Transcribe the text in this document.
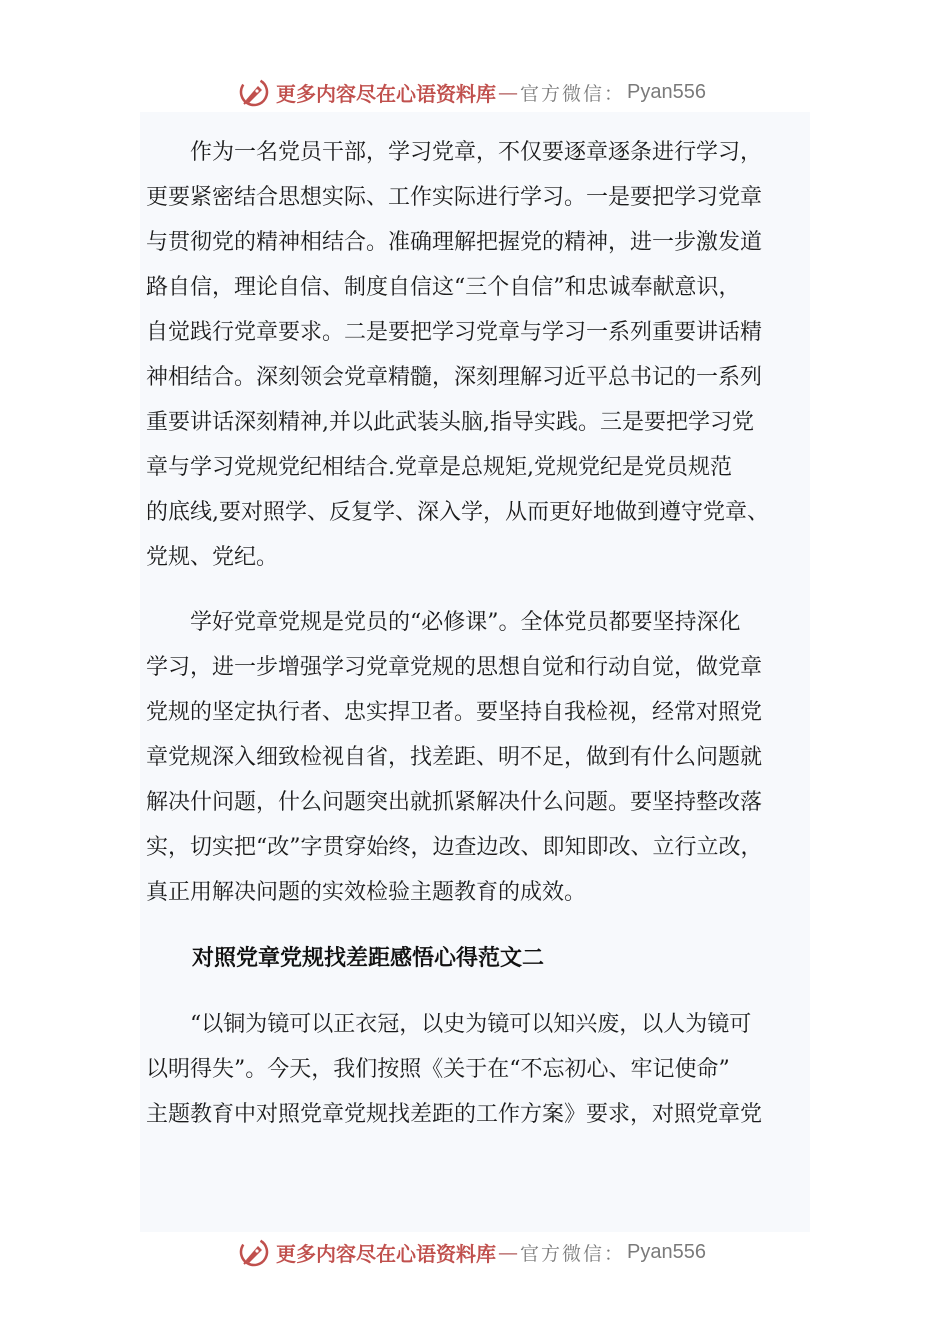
更多内容尽在心语资料库 — 官方微信： Pyan556
　　作为一名党员干部，学习党章，不仅要逐章逐条进行学习，
更要紧密结合思想实际、工作实际进行学习。一是要把学习党章
与贯彻党的精神相结合。准确理解把握党的精神，进一步激发道
路自信，理论自信、制度自信这“三个自信”和忠诚奉献意识，
自觉践行党章要求。二是要把学习党章与学习一系列重要讲话精
神相结合。深刻领会党章精髓，深刻理解习近平总书记的一系列
重要讲话深刻精神,并以此武装头脑,指导实践。三是要把学习党
章与学习党规党纪相结合.党章是总规矩,党规党纪是党员规范
的底线,要对照学、反复学、深入学，从而更好地做到遵守党章、
党规、党纪。
　　学好党章党规是党员的“必修课”。全体党员都要坚持深化
学习，进一步增强学习党章党规的思想自觉和行动自觉，做党章
党规的坚定执行者、忠实捍卫者。要坚持自我检视，经常对照党
章党规深入细致检视自省，找差距、明不足，做到有什么问题就
解决什问题，什么问题突出就抓紧解决什么问题。要坚持整改落
实，切实把“改”字贯穿始终，边查边改、即知即改、立行立改，
真正用解决问题的实效检验主题教育的成效。
对照党章党规找差距感悟心得范文二
　　“以铜为镜可以正衣冠，以史为镜可以知兴废，以人为镜可
以明得失”。今天，我们按照《关于在“不忘初心、牢记使命”
主题教育中对照党章党规找差距的工作方案》要求，对照党章党
更多内容尽在心语资料库 — 官方微信： Pyan556
